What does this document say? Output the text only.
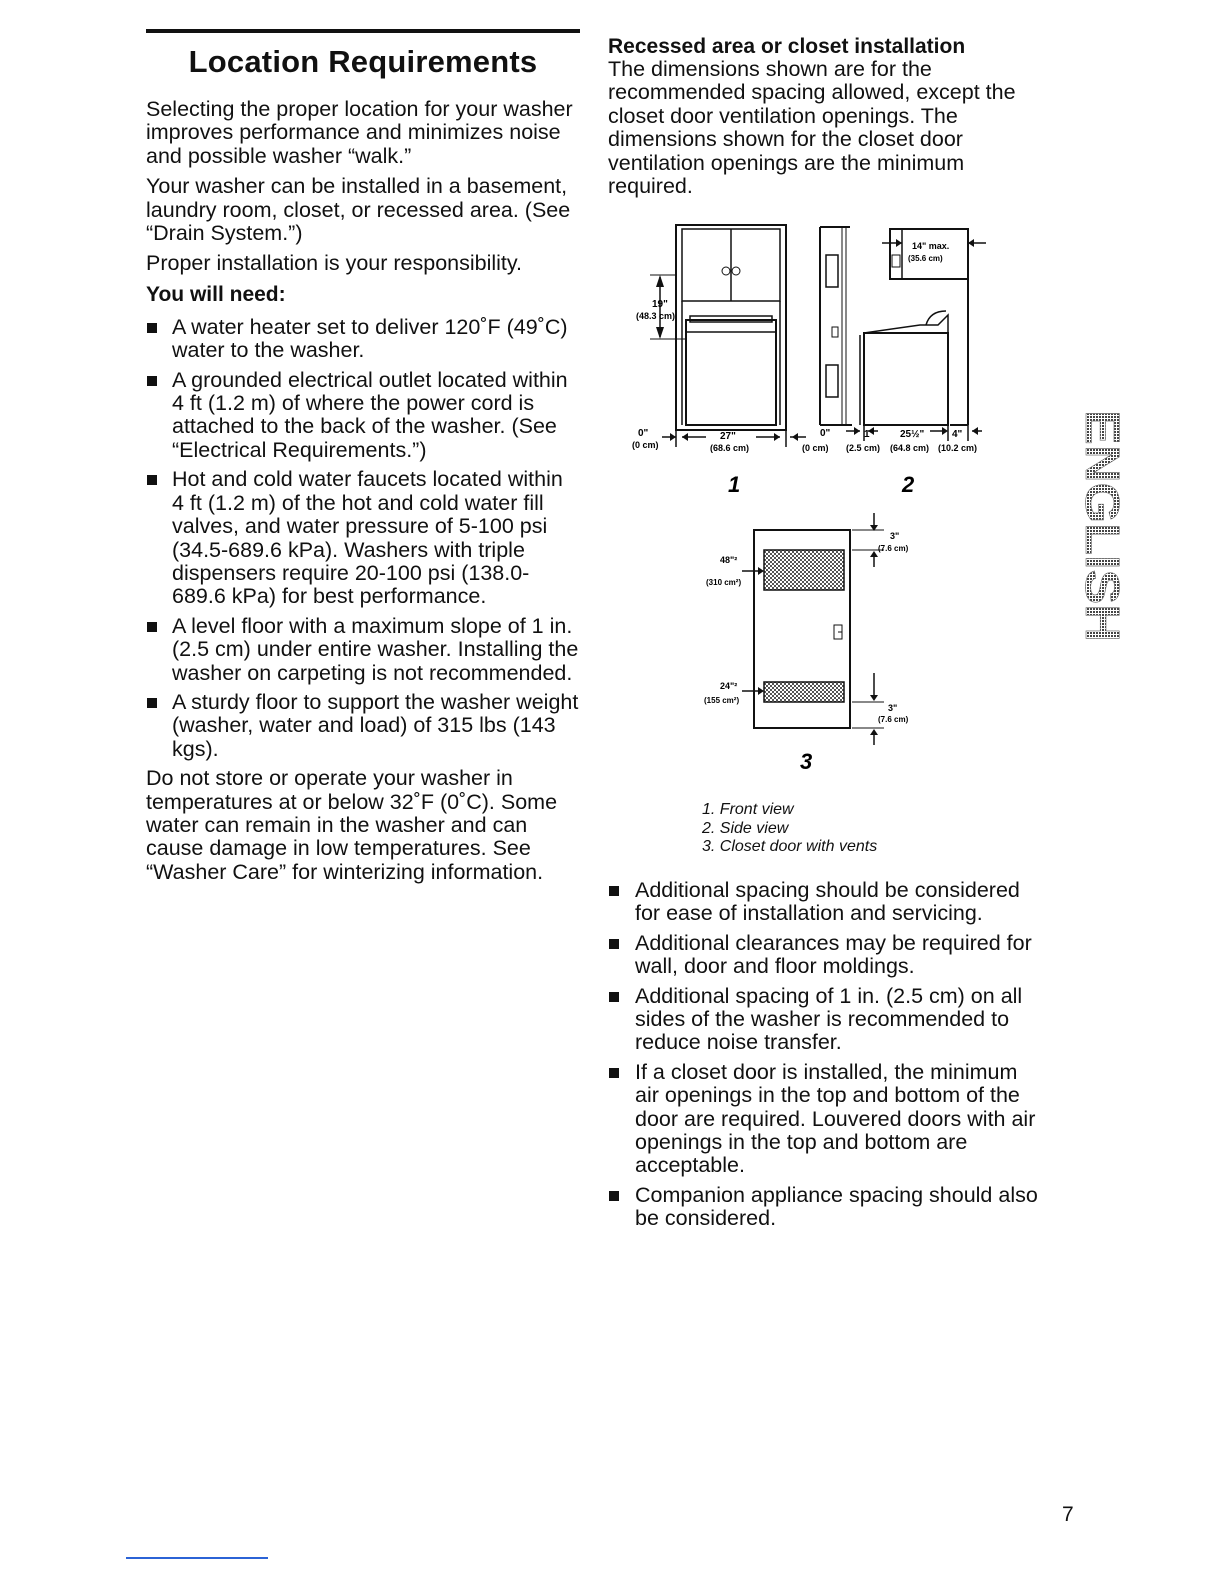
Location Requirements

Selecting the proper location for your washer improves performance and minimizes noise and possible washer “walk.”

Your washer can be installed in a basement, laundry room, closet, or recessed area. (See “Drain System.”)

Proper installation is your responsibility.

You will need:

A water heater set to deliver 120˚F (49˚C) water to the washer.
A grounded electrical outlet located within 4 ft (1.2 m) of where the power cord is attached to the back of the washer. (See “Electrical Requirements.”)
Hot and cold water faucets located within 4 ft (1.2 m) of the hot and cold water fill valves, and water pressure of 5-100 psi (34.5-689.6 kPa). Washers with triple dispensers require 20-100 psi (138.0-689.6 kPa) for best performance.
A level floor with a maximum slope of 1 in. (2.5 cm) under entire washer. Installing the washer on carpeting is not recommended.
A sturdy floor to support the washer weight (washer, water and load) of 315 lbs (143 kgs).

Do not store or operate your washer in temperatures at or below 32˚F (0˚C). Some water can remain in the washer and can cause damage in low temperatures. See “Washer Care” for winterizing information.

Recessed area or closet installation

The dimensions shown are for the recommended spacing allowed, except the closet door ventilation openings. The dimensions shown for the closet door ventilation openings are the minimum required.

19"
(48.3 cm)
0"
(0 cm)
27"
(68.6 cm)
14" max.
(35.6 cm)
0"
(0 cm)
1"
(2.5 cm)
25½"
(64.8 cm)
4"
(10.2 cm)
1	2
3"
(7.6 cm)
3"
(7.6 cm)
48"²
(310 cm²)
24"²
(155 cm²)
3
1. Front view
2. Side view
3. Closet door with vents
Additional spacing should be considered for ease of installation and servicing.
Additional clearances may be required for wall, door and floor moldings.
Additional spacing of 1 in. (2.5 cm) on all sides of the washer is recommended to reduce noise transfer.
If a closet door is installed, the minimum air openings in the top and bottom of the door are required. Louvered doors with air openings in the top and bottom are acceptable.
Companion appliance spacing should also be considered.
ENGLISH
7
